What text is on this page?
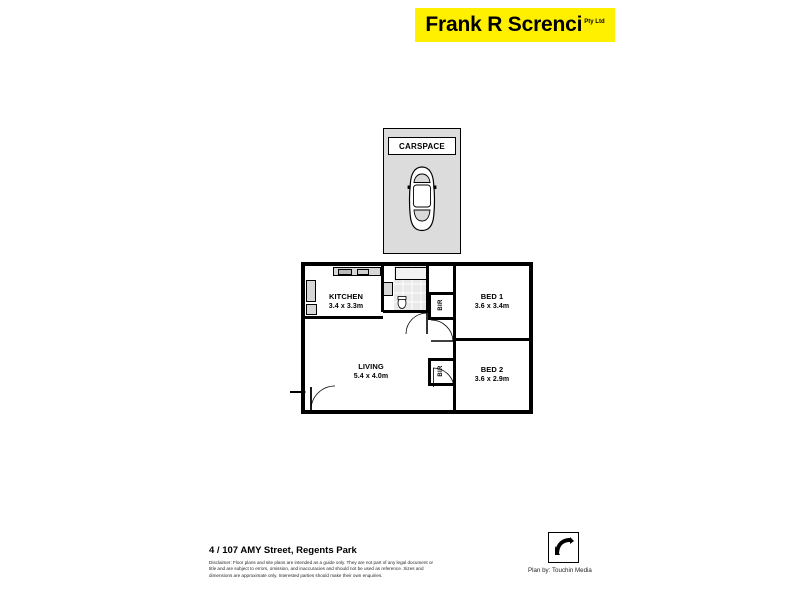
Frank R Screnci $^{Pty Ltd}$
CARSPACE
KITCHEN
3.4 x 3.3m
BED 1
3.6 x 3.4m
LIVING
5.4 x 4.0m
BED 2
3.6 x 2.9m
BIR
BIR
4 / 107 AMY Street, Regents Park
Disclaimer: Floor plans and site plans are intended as a guide only. They are not part of any legal document or title and are subject to errors, omission, and inaccuracies and should not be used as reference. Sizes and dimensions are approximate only. Interested parties should make their own enquiries.
Plan by: Touchin Media
